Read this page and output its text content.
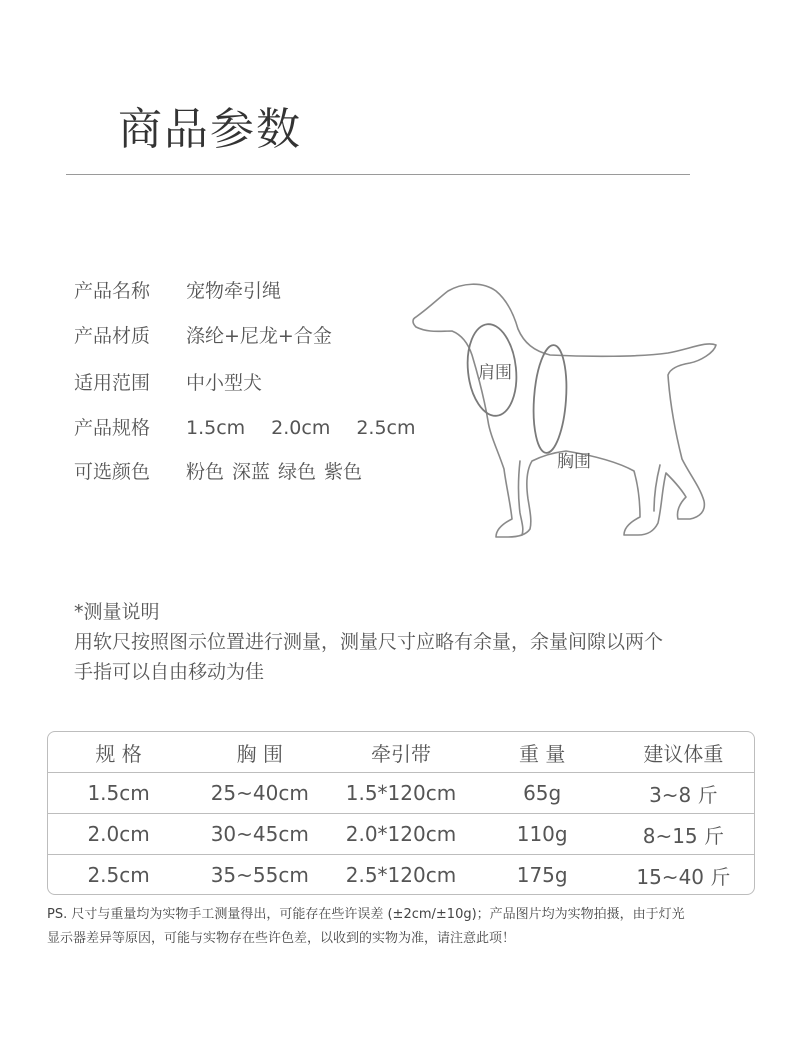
商品参数
产品名称 宠物牵引绳
产品材质 涤纶+尼龙+合金
适用范围 中小型犬
产品规格 1.5cm 2.0cm 2.5cm
可选颜色 粉色 深蓝 绿色 紫色
肩围
胸围
*测量说明
用软尺按照图示位置进行测量，测量尺寸应略有余量，余量间隙以两个
手指可以自由移动为佳
规 格	胸 围	牵引带	重 量	建议体重
1.5cm	25~40cm	1.5*120cm	65g	3~8 斤
2.0cm	30~45cm	2.0*120cm	110g	8~15 斤
2.5cm	35~55cm	2.5*120cm	175g	15~40 斤
PS. 尺寸与重量均为实物手工测量得出，可能存在些许误差 (±2cm/±10g)；产品图片均为实物拍摄，由于灯光
显示器差异等原因，可能与实物存在些许色差，以收到的实物为准，请注意此项！
